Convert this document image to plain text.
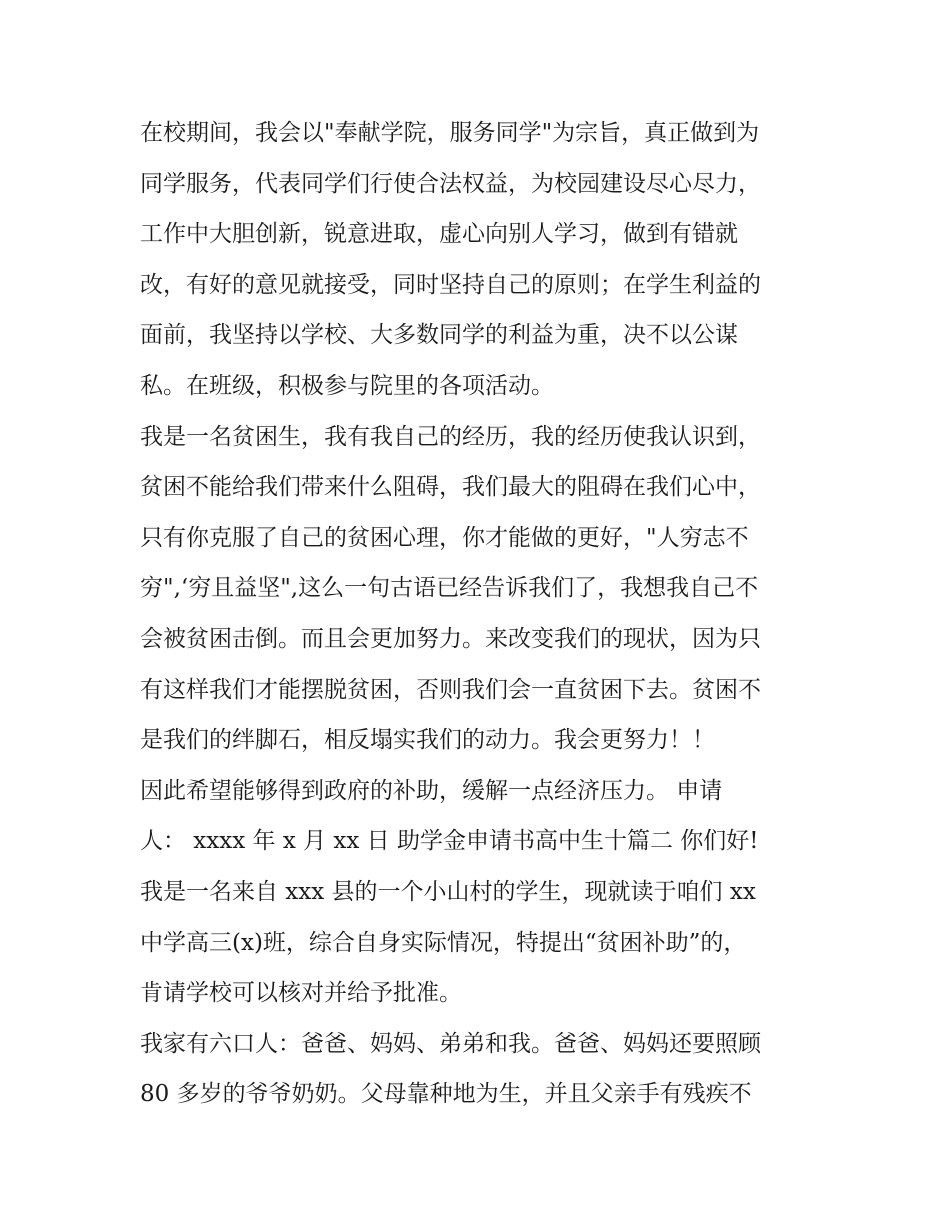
在校期间，我会以"奉献学院，服务同学"为宗旨，真正做到为
同学服务，代表同学们行使合法权益，为校园建设尽心尽力，
工作中大胆创新，锐意进取，虚心向别人学习，做到有错就
改，有好的意见就接受，同时坚持自己的原则；在学生利益的
面前，我坚持以学校、大多数同学的利益为重，决不以公谋
私。在班级，积极参与院里的各项活动。
我是一名贫困生，我有我自己的经历，我的经历使我认识到，
贫困不能给我们带来什么阻碍，我们最大的阻碍在我们心中，
只有你克服了自己的贫困心理，你才能做的更好，"人穷志不
穷",‘穷且益坚",这么一句古语已经告诉我们了，我想我自己不
会被贫困击倒。而且会更加努力。来改变我们的现状，因为只
有这样我们才能摆脱贫困，否则我们会一直贫困下去。贫困不
是我们的绊脚石，相反塌实我们的动力。我会更努力！！
因此希望能够得到政府的补助，缓解一点经济压力。 申请
人： xxxx 年 x 月 xx 日 助学金申请书高中生十篇二 你们好!
我是一名来自 xxx 县的一个小山村的学生，现就读于咱们 xx
中学高三(x)班，综合自身实际情况，特提出“贫困补助”的，
肯请学校可以核对并给予批准。
我家有六口人：爸爸、妈妈、弟弟和我。爸爸、妈妈还要照顾
80 多岁的爷爷奶奶。父母靠种地为生，并且父亲手有残疾不
